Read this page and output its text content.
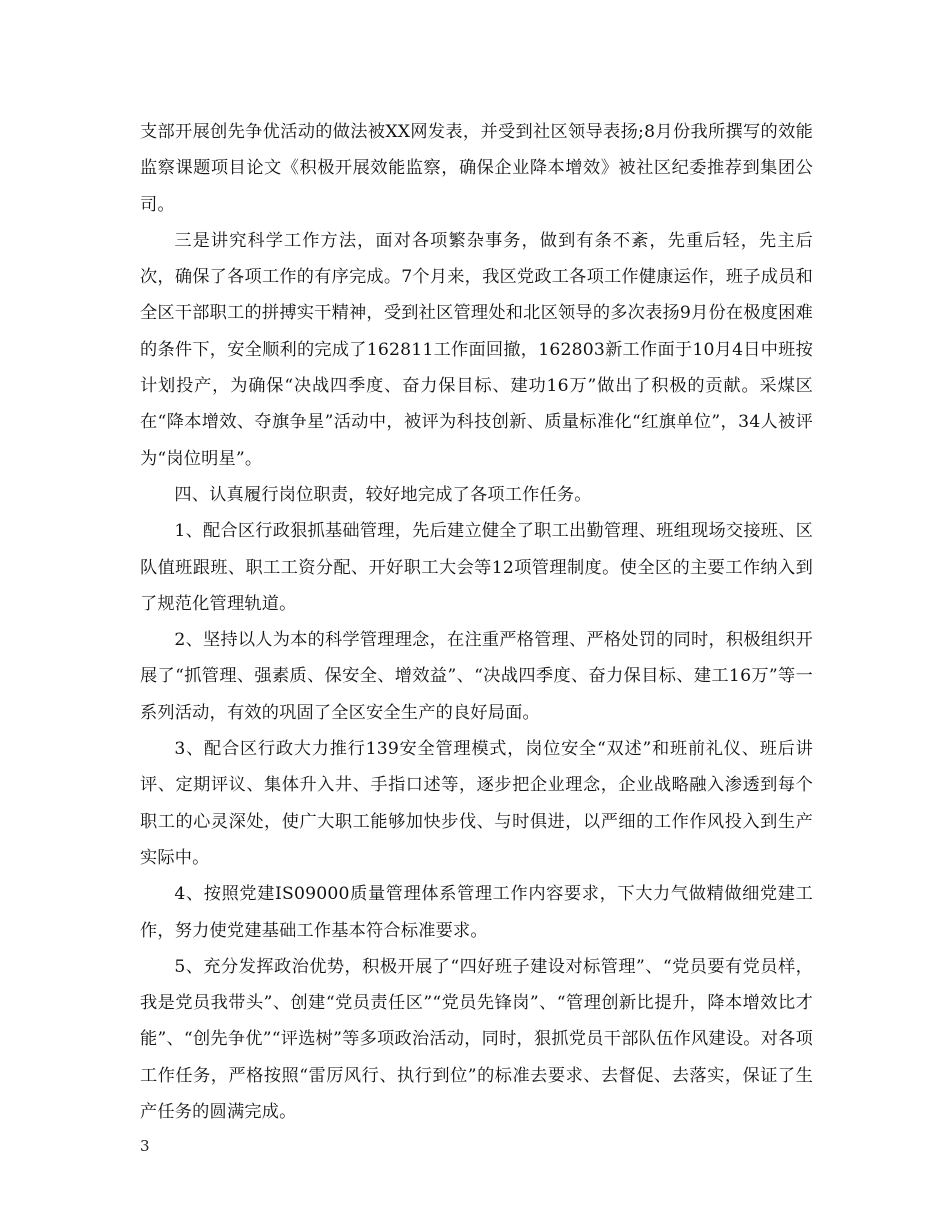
支部开展创先争优活动的做法被XX网发表，并受到社区领导表扬;8月份我所撰写的效能监察课题项目论文《积极开展效能监察，确保企业降本增效》被社区纪委推荐到集团公司。

三是讲究科学工作方法，面对各项繁杂事务，做到有条不紊，先重后轻，先主后次，确保了各项工作的有序完成。7个月来，我区党政工各项工作健康运作，班子成员和全区干部职工的拼搏实干精神，受到社区管理处和北区领导的多次表扬9月份在极度困难的条件下，安全顺利的完成了162811工作面回撤，162803新工作面于10月4日中班按计划投产，为确保“决战四季度、奋力保目标、建功16万”做出了积极的贡献。采煤区在“降本增效、夺旗争星”活动中，被评为科技创新、质量标准化“红旗单位”，34人被评为“岗位明星”。

四、认真履行岗位职责，较好地完成了各项工作任务。

1、配合区行政狠抓基础管理，先后建立健全了职工出勤管理、班组现场交接班、区队值班跟班、职工工资分配、开好职工大会等12项管理制度。使全区的主要工作纳入到了规范化管理轨道。

2、坚持以人为本的科学管理理念，在注重严格管理、严格处罚的同时，积极组织开展了“抓管理、强素质、保安全、增效益”、“决战四季度、奋力保目标、建工16万”等一系列活动，有效的巩固了全区安全生产的良好局面。

3、配合区行政大力推行139安全管理模式，岗位安全“双述”和班前礼仪、班后讲评、定期评议、集体升入井、手指口述等，逐步把企业理念，企业战略融入渗透到每个职工的心灵深处，使广大职工能够加快步伐、与时俱进，以严细的工作作风投入到生产实际中。

4、按照党建IS09000质量管理体系管理工作内容要求，下大力气做精做细党建工作，努力使党建基础工作基本符合标准要求。

5、充分发挥政治优势，积极开展了“四好班子建设对标管理”、“党员要有党员样，我是党员我带头”、创建“党员责任区”“党员先锋岗”、“管理创新比提升，降本增效比才能”、“创先争优”“评选树”等多项政治活动，同时，狠抓党员干部队伍作风建设。对各项工作任务，严格按照“雷厉风行、执行到位”的标准去要求、去督促、去落实，保证了生产任务的圆满完成。

3
